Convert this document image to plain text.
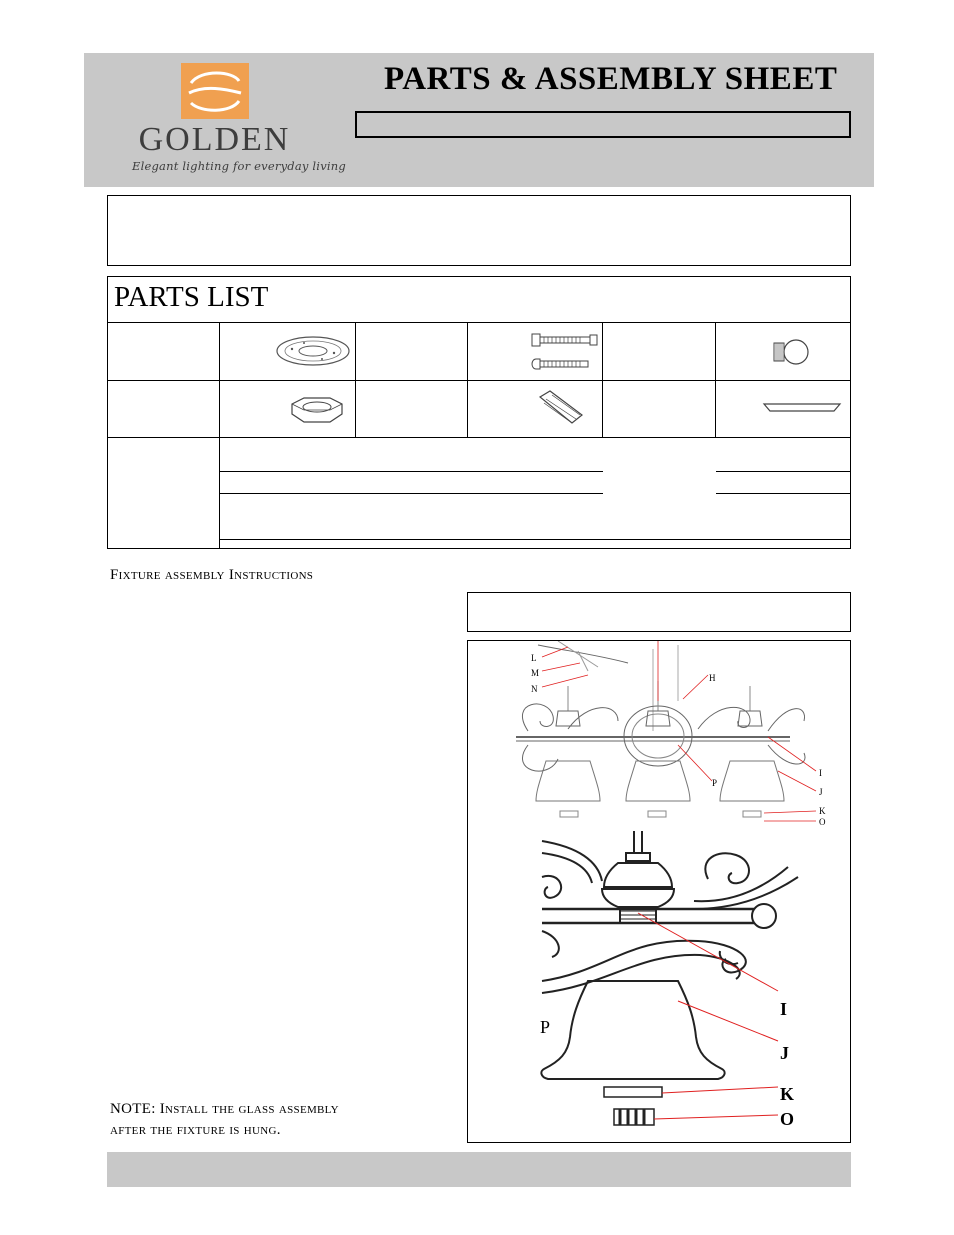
GOLDEN
Elegant lighting for everyday living
PARTS & ASSEMBLY SHEET
PARTS LIST
Fixture assembly Instructions
L
M
N
H
I
J
P
K
O
I
J
P
K
O
NOTE: Install the glass assembly
after the fixture is hung.
